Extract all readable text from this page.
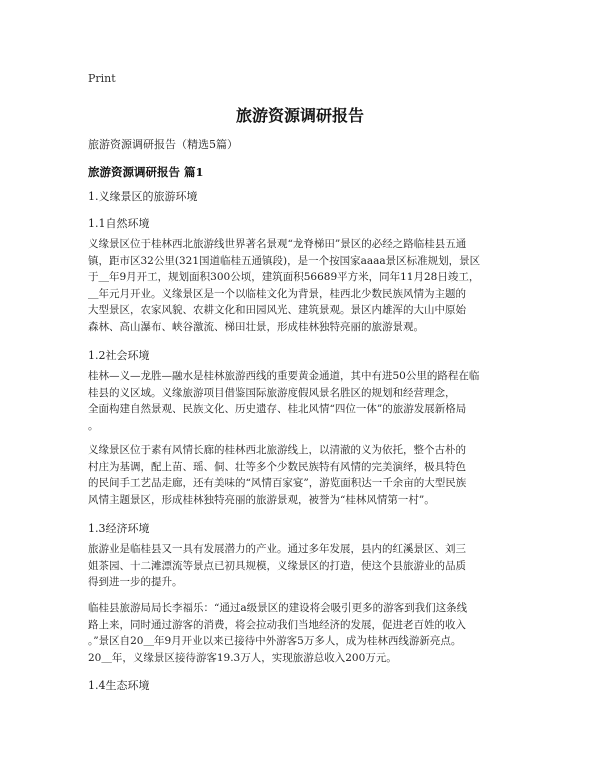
Print
旅游资源调研报告
旅游资源调研报告（精选5篇）
旅游资源调研报告 篇1
1.义缘景区的旅游环境
1.1自然环境
义缘景区位于桂林西北旅游线世界著名景观“龙脊梯田”景区的必经之路临桂县五通
镇，距市区32公里(321国道临桂五通镇段)，是一个按国家aaaa景区标准规划，景区
于＿年9月开工，规划面积300公顷，建筑面积56689平方米，同年11月28日竣工，
＿年元月开业。义缘景区是一个以临桂文化为背景，桂西北少数民族风情为主题的
大型景区，农家风貌、农耕文化和田园风光、建筑景观。景区内雄浑的大山中原始
森林、高山瀑布、峡谷激流、梯田壮景，形成桂林独特亮丽的旅游景观。
1.2社会环境
桂林—义—龙胜—融水是桂林旅游西线的重要黄金通道，其中有进50公里的路程在临
桂县的义区域。义缘旅游项目借鉴国际旅游度假风景名胜区的规划和经营理念，
全面构建自然景观、民族文化、历史遗存、桂北风情“四位一体”的旅游发展新格局
。
义缘景区位于素有风情长廊的桂林西北旅游线上，以清澈的义为依托，整个古朴的
村庄为基调，配上苗、瑶、侗、壮等多个少数民族特有风情的完美演绎，极具特色
的民间手工艺品走廊，还有美味的“风情百家宴”，游览面积达一千余亩的大型民族
风情主题景区，形成桂林独特亮丽的旅游景观，被誉为“桂林风情第一村”。
1.3经济环境
旅游业是临桂县又一具有发展潜力的产业。通过多年发展，县内的红溪景区、刘三
姐茶园、十二滩漂流等景点已初具规模，义缘景区的打造，使这个县旅游业的品质
得到进一步的提升。
临桂县旅游局局长李福乐：“通过a级景区的建设将会吸引更多的游客到我们这条线
路上来，同时通过游客的消费，将会拉动我们当地经济的发展，促进老百姓的收入
。”景区自20＿年9月开业以来已接待中外游客5万多人，成为桂林西线游新亮点。
20＿年，义缘景区接待游客19.3万人，实现旅游总收入200万元。
1.4生态环境
